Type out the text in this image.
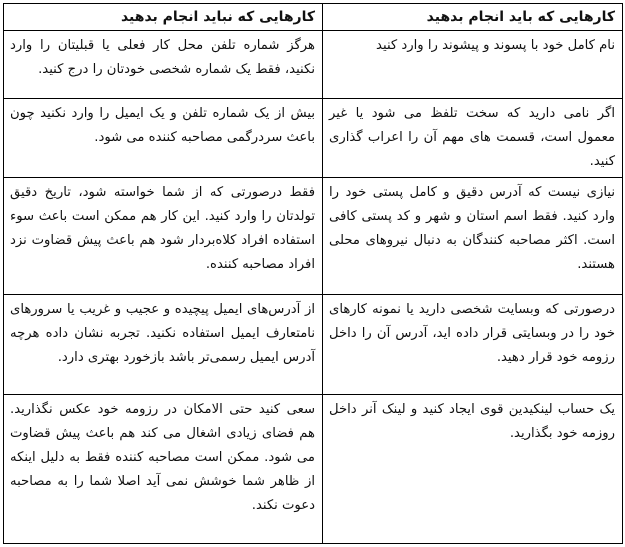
کارهایی که باید انجام بدهید	کارهایی که نباید انجام بدهید
نام کامل خود با پسوند و پیشوند را وارد کنید	هرگز شماره تلفن محل کار فعلی یا قبلیتان را وارد نکنید، فقط یک شماره شخصی خودتان را درج کنید.
اگر نامی دارید که سخت تلفظ می شود یا غیر معمول است، قسمت های مهم آن را اعراب گذاری کنید.	بیش از یک شماره تلفن و یک ایمیل را وارد نکنید چون باعث سردرگمی مصاحبه کننده می شود.
نیازی نیست که آدرس دقیق و کامل پستی خود را وارد کنید. فقط اسم استان و شهر و کد پستی کافی است. اکثر مصاحبه کنندگان به دنبال نیروهای محلی هستند.	فقط درصورتی که از شما خواسته شود، تاریخ دقیق تولدتان را وارد کنید. این کار هم ممکن است باعث سوء استفاده افراد کلاه‌بردار شود هم باعث پیش قضاوت نزد افراد مصاحبه کننده.
درصورتی که وبسایت شخصی دارید یا نمونه کارهای خود را در وبسایتی قرار داده اید، آدرس آن را داخل رزومه خود قرار دهید.	از آدرس‌های ایمیل پیچیده و عجیب و غریب یا سرورهای نامتعارف ایمیل استفاده نکنید. تجربه نشان داده هرچه آدرس ایمیل رسمی‌تر باشد بازخورد بهتری دارد.
یک حساب لینکیدین قوی ایجاد کنید و لینک آنر داخل روزمه خود بگذارید.	سعی کنید حتی الامکان در رزومه خود عکس نگذارید. هم فضای زیادی اشغال می کند هم باعث پیش قضاوت می شود. ممکن است مصاحبه کننده فقط به دلیل اینکه از ظاهر شما خوشش نمی آید اصلا شما را به مصاحبه دعوت نکند.
